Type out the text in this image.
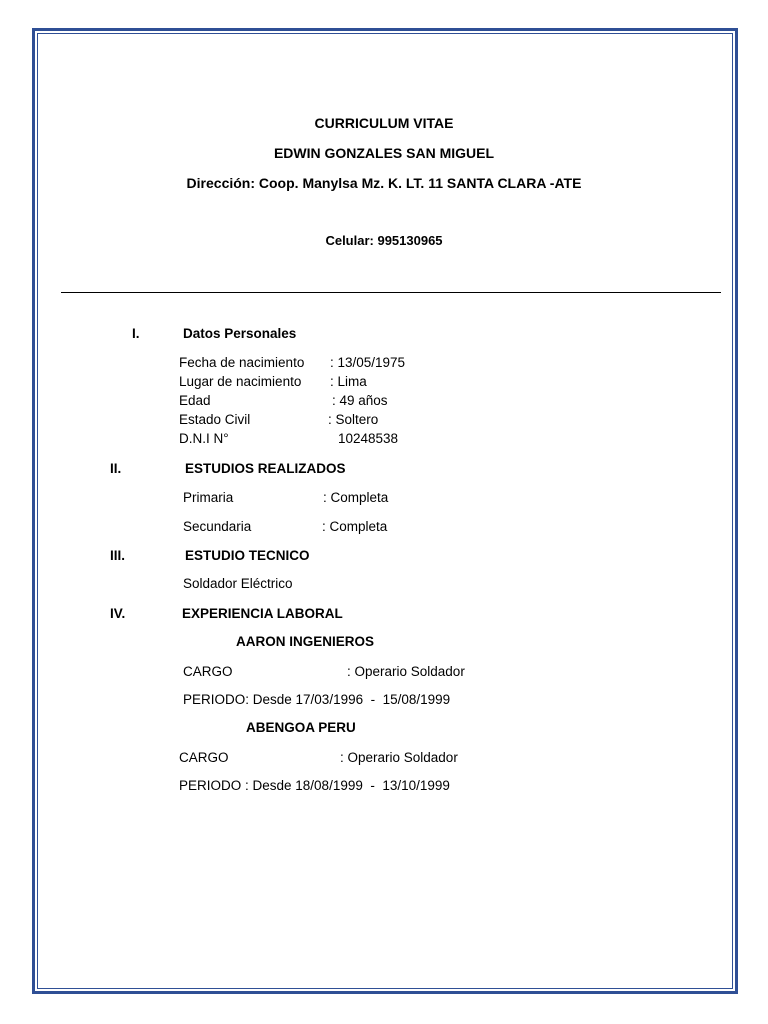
CURRICULUM VITAE
EDWIN GONZALES SAN MIGUEL
Dirección: Coop. Manylsa Mz. K. LT. 11 SANTA CLARA -ATE
Celular: 995130965
I.	Datos Personales
Fecha de nacimiento : 13/05/1975
Lugar de nacimiento : Lima
Edad	: 49 años
Estado Civil	: Soltero
D.N.I N°	10248538
II.	ESTUDIOS REALIZADOS
Primaria	: Completa
Secundaria	: Completa
III.	ESTUDIO TECNICO
Soldador Eléctrico
IV.	EXPERIENCIA LABORAL
AARON INGENIEROS
CARGO	: Operario Soldador
PERIODO: Desde 17/03/1996  -  15/08/1999
ABENGOA PERU
CARGO	: Operario Soldador
PERIODO : Desde 18/08/1999  -  13/10/1999
